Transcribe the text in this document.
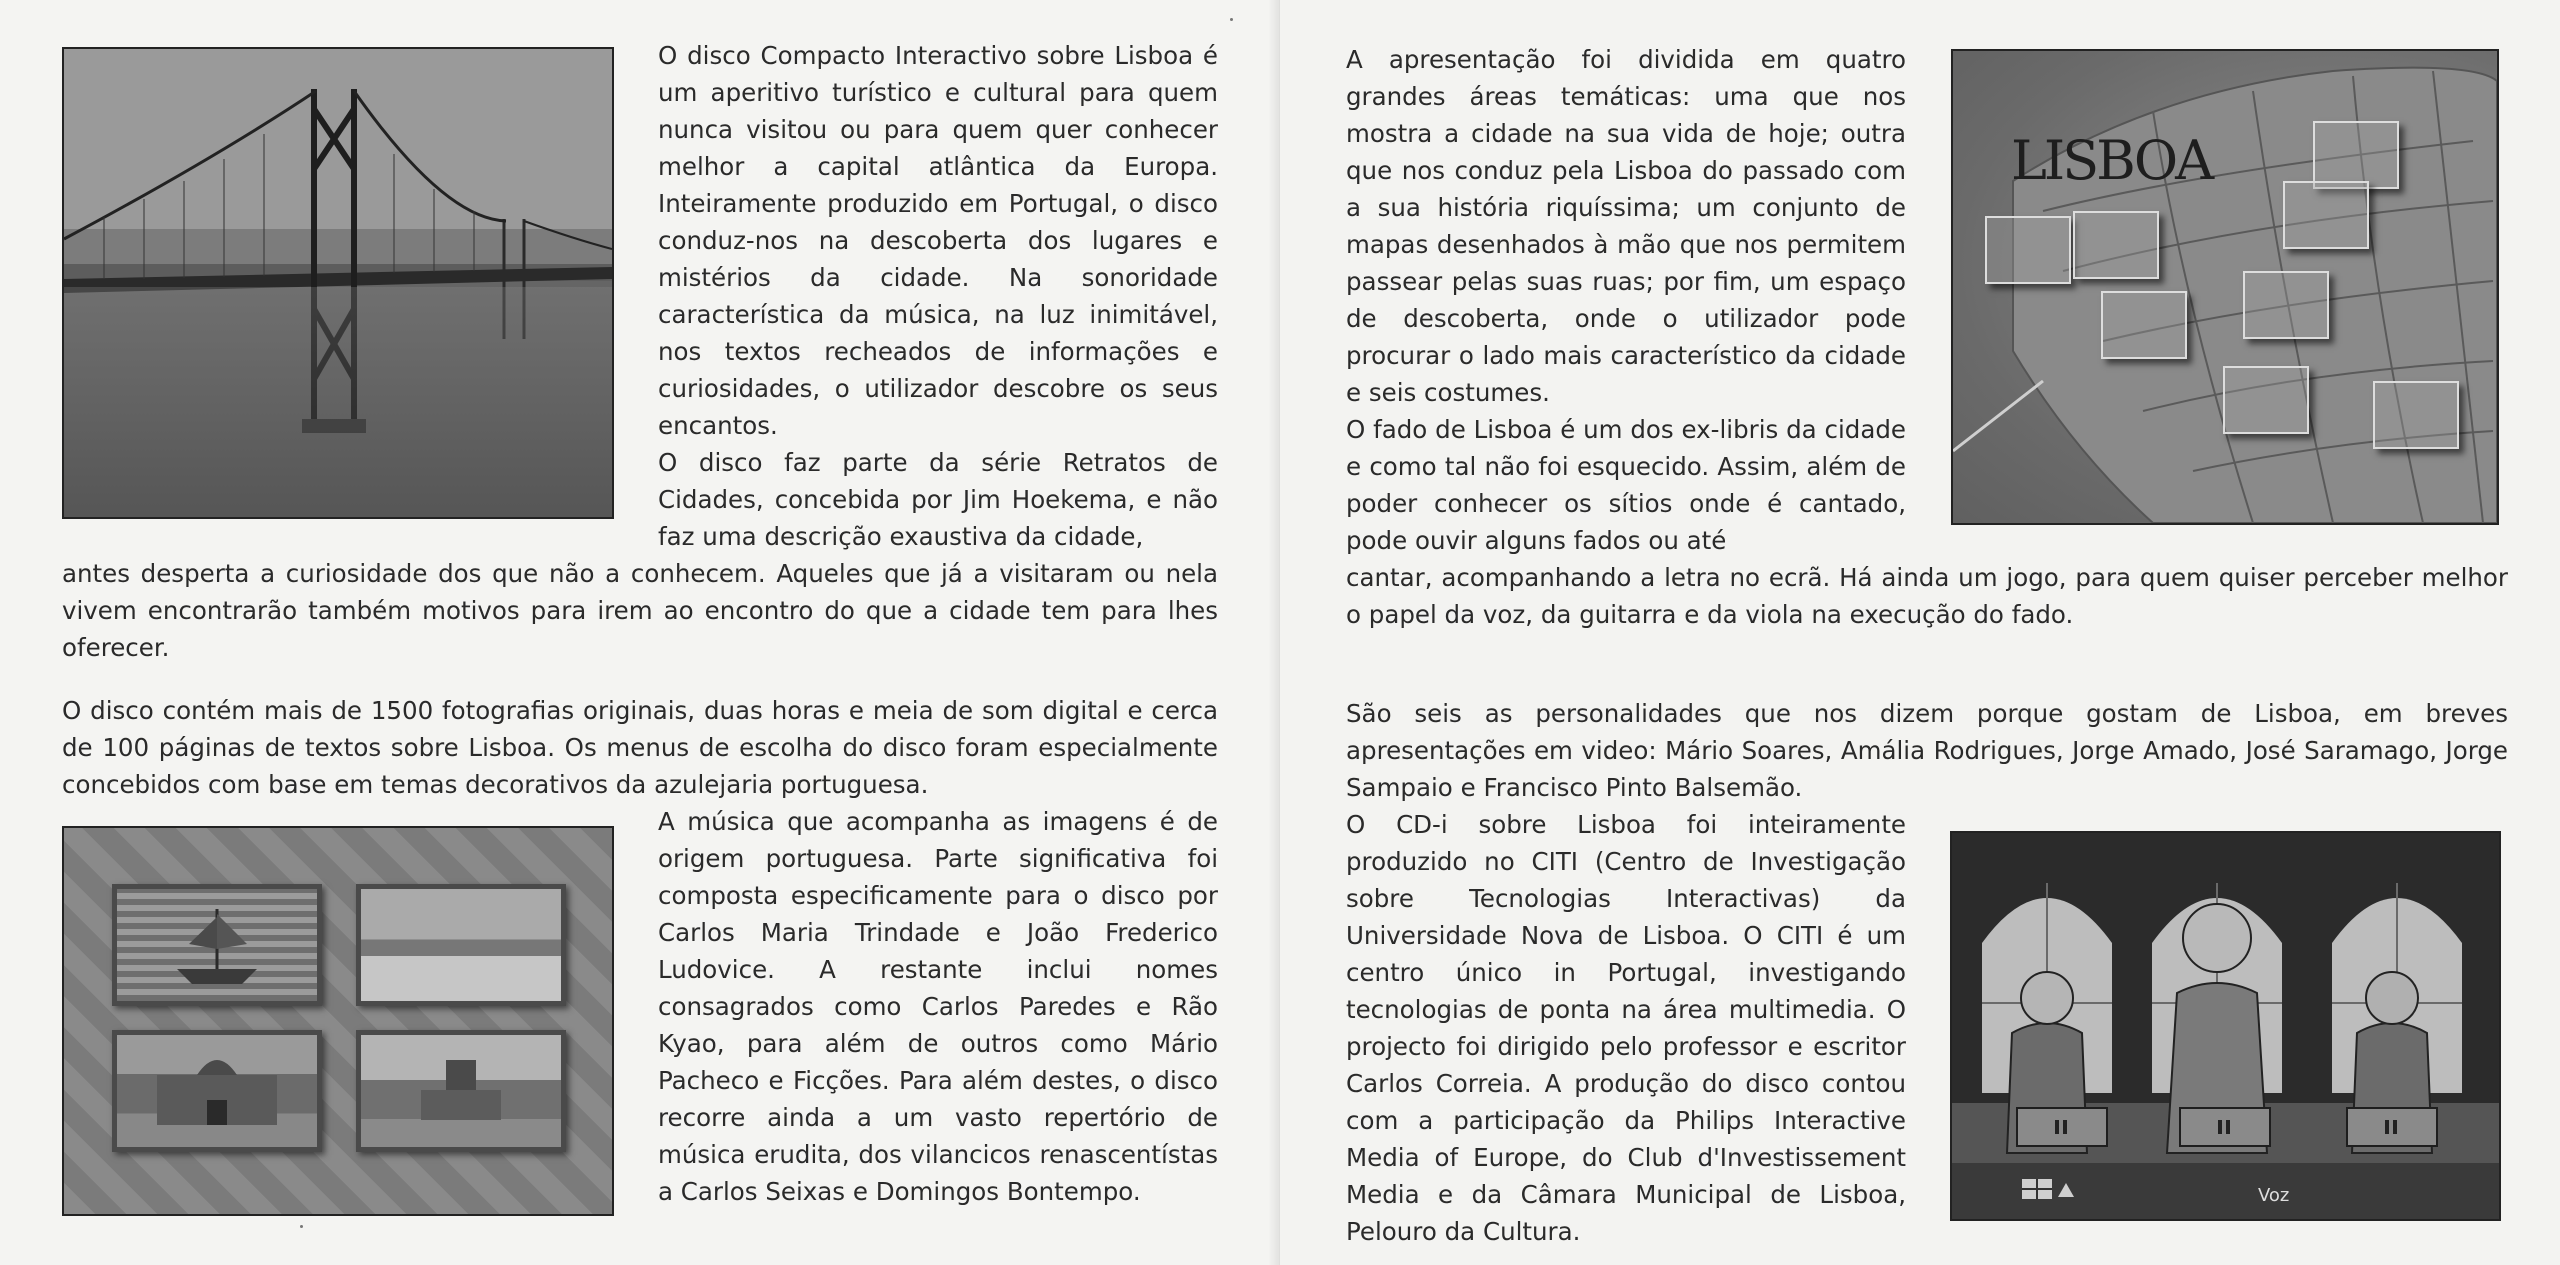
O disco Compacto Interactivo sobre Lisboa é um aperitivo turístico e cultural para quem nunca visitou ou para quem quer conhecer melhor a capital atlântica da Europa. Inteiramente produzido em Portugal, o disco conduz-nos na descoberta dos lugares e mistérios da cidade. Na sonoridade característica da música, na luz inimitável, nos textos recheados de informações e curiosidades, o utilizador descobre os seus encantos.

O disco faz parte da série Retratos de Cidades, concebida por Jim Hoekema, e não faz uma descrição exaustiva da cidade,

antes desperta a curiosidade dos que não a conhecem. Aqueles que já a visitaram ou nela vivem encontrarão também motivos para irem ao encontro do que a cidade tem para lhes oferecer.

O disco contém mais de 1500 fotografias originais, duas horas e meia de som digital e cerca de 100 páginas de textos sobre Lisboa. Os menus de escolha do disco foram especialmente concebidos com base em temas decorativos da azulejaria portuguesa.

A música que acompanha as imagens é de origem portuguesa. Parte significativa foi composta especificamente para o disco por Carlos Maria Trindade e João Frederico Ludovice. A restante inclui nomes consagrados como Carlos Paredes e Rão Kyao, para além de outros como Mário Pacheco e Ficções. Para além destes, o disco recorre ainda a um vasto repertório de música erudita, dos vilancicos renascentístas a Carlos Seixas e Domingos Bontempo.

A apresentação foi dividida em quatro grandes áreas temáticas: uma que nos mostra a cidade na sua vida de hoje; outra que nos conduz pela Lisboa do passado com a sua história riquíssima; um conjunto de mapas desenhados à mão que nos permitem passear pelas suas ruas; por fim, um espaço de descoberta, onde o utilizador pode procurar o lado mais característico da cidade e seis costumes.

O fado de Lisboa é um dos ex-libris da cidade e como tal não foi esquecido. Assim, além de poder conhecer os sítios onde é cantado, pode ouvir alguns fados ou até

cantar, acompanhando a letra no ecrã. Há ainda um jogo, para quem quiser perceber melhor o papel da voz, da guitarra e da viola na execução do fado.

São seis as personalidades que nos dizem porque gostam de Lisboa, em breves apresentações em video: Mário Soares, Amália Rodrigues, Jorge Amado, José Saramago, Jorge Sampaio e Francisco Pinto Balsemão.

O CD-i sobre Lisboa foi inteiramente produzido no CITI (Centro de Investigação sobre Tecnologias Interactivas) da Universidade Nova de Lisboa. O CITI é um centro único in Portugal, investigando tecnologias de ponta na área multimedia. O projecto foi dirigido pelo professor e escritor Carlos Correia. A produção do disco contou com a participação da Philips Interactive Media of Europe, do Club d'Investissement Media e da Câmara Municipal de Lisboa, Pelouro da Cultura.

LISBOA
Voz
